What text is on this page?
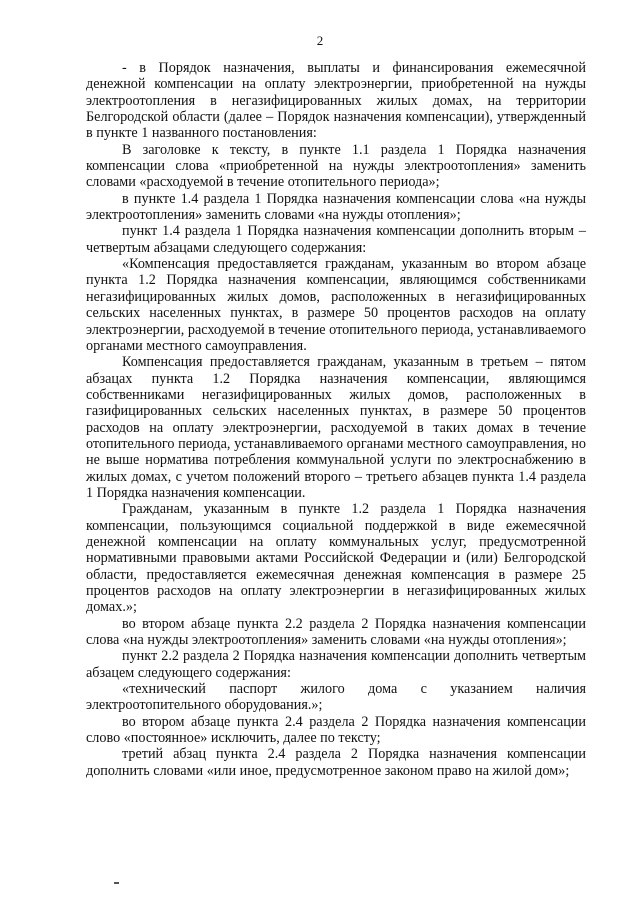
2

- в Порядок назначения, выплаты и финансирования ежемесячной денежной компенсации на оплату электроэнергии, приобретенной на нужды электроотопления в негазифицированных жилых домах, на территории Белгородской области (далее – Порядок назначения компенсации), утвержденный в пункте 1 названного постановления:

В заголовке к тексту, в пункте 1.1 раздела 1 Порядка назначения компенсации слова «приобретенной на нужды электроотопления» заменить словами «расходуемой в течение отопительного периода»;

в пункте 1.4 раздела 1 Порядка назначения компенсации слова «на нужды электроотопления» заменить словами «на нужды отопления»;

пункт 1.4 раздела 1 Порядка назначения компенсации дополнить вторым – четвертым абзацами следующего содержания:

«Компенсация предоставляется гражданам, указанным во втором абзаце пункта 1.2 Порядка назначения компенсации, являющимся собственниками негазифицированных жилых домов, расположенных в негазифицированных сельских населенных пунктах, в размере 50 процентов расходов на оплату электроэнергии, расходуемой в течение отопительного периода, устанавливаемого органами местного самоуправления.

Компенсация предоставляется гражданам, указанным в третьем – пятом абзацах пункта 1.2 Порядка назначения компенсации, являющимся собственниками негазифицированных жилых домов, расположенных в газифицированных сельских населенных пунктах, в размере 50 процентов расходов на оплату электроэнергии, расходуемой в таких домах в течение отопительного периода, устанавливаемого органами местного самоуправления, но не выше норматива потребления коммунальной услуги по электроснабжению в жилых домах, с учетом положений второго – третьего абзацев пункта 1.4 раздела 1 Порядка назначения компенсации.

Гражданам, указанным в пункте 1.2 раздела 1 Порядка назначения компенсации, пользующимся социальной поддержкой в виде ежемесячной денежной компенсации на оплату коммунальных услуг, предусмотренной нормативными правовыми актами Российской Федерации и (или) Белгородской области, предоставляется ежемесячная денежная компенсация в размере 25 процентов расходов на оплату электроэнергии в негазифицированных жилых домах.»;

во втором абзаце пункта 2.2 раздела 2 Порядка назначения компенсации слова «на нужды электроотопления» заменить словами «на нужды отопления»;

пункт 2.2 раздела 2 Порядка назначения компенсации дополнить четвертым абзацем следующего содержания:

«технический паспорт жилого дома с указанием наличия электроотопительного оборудования.»;

во втором абзаце пункта 2.4 раздела 2 Порядка назначения компенсации слово «постоянное» исключить, далее по тексту;

третий абзац пункта 2.4 раздела 2 Порядка назначения компенсации дополнить словами «или иное, предусмотренное законом право на жилой дом»;
